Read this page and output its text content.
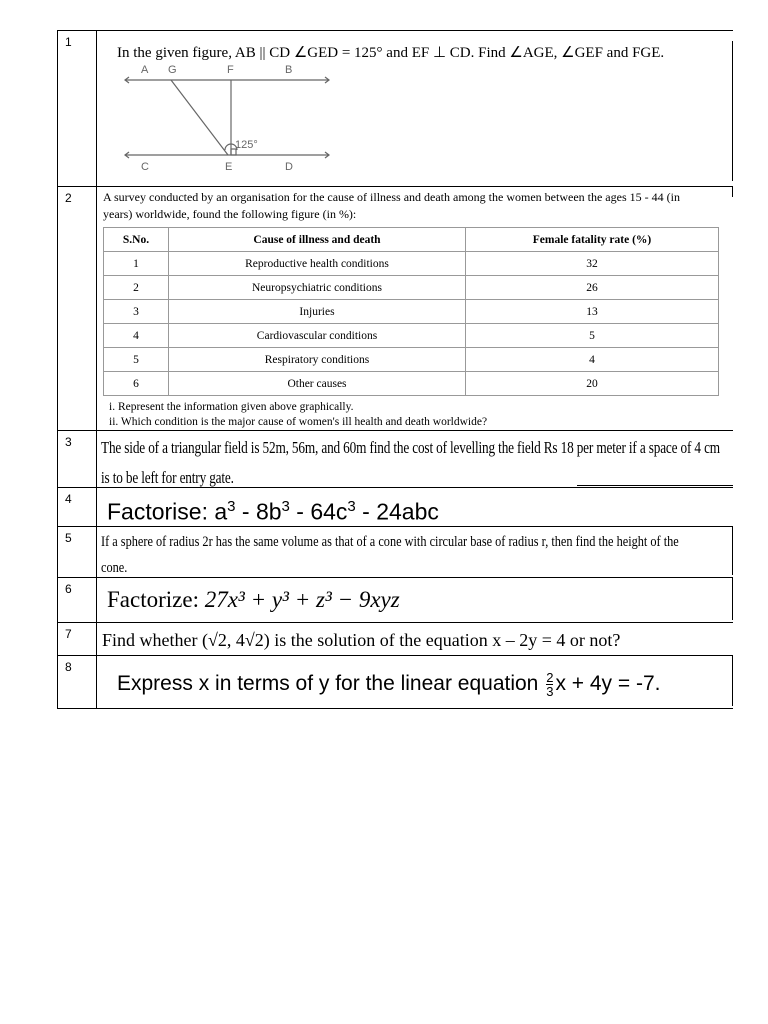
1

In the given figure, AB || CD ∠GED = 125° and EF ⊥ CD. Find ∠AGE, ∠GEF and FGE.

A G	F	B
C	E	D
125°
2	A survey conducted by an organisation for the cause of illness and death among the women between the ages 15 - 44 (in

years) worldwide, found the following figure (in %):

S.No.	Cause of illness and death	Female fatality rate (%)
1	Reproductive health conditions	32
2	Neuropsychiatric conditions	26
3	Injuries	13
4	Cardiovascular conditions	5
5	Respiratory conditions	4
6	Other causes	20

i. Represent the information given above graphically.

ii. Which condition is the major cause of women's ill health and death worldwide?

3 The side of a triangular field is 52m, 56m, and 60m find the cost of levelling the field Rs 18 per meter if a space of 4 cm

is to be left for entry gate.

4 Factorise: $a^3 - 8b^3 - 64c^3 - 24abc$

5 If a sphere of radius 2r has the same volume as that of a cone with circular base of radius r, then find the height of the

cone.

6 Factorize: 27x³ + y³ + z³ − 9xyz

7 Find whether (√2, 4√2) is the solution of the equation x – 2y = 4 or not?

8

Express x in terms of y for the linear equation $\frac{2}{3}$ x + 4y = -7.
